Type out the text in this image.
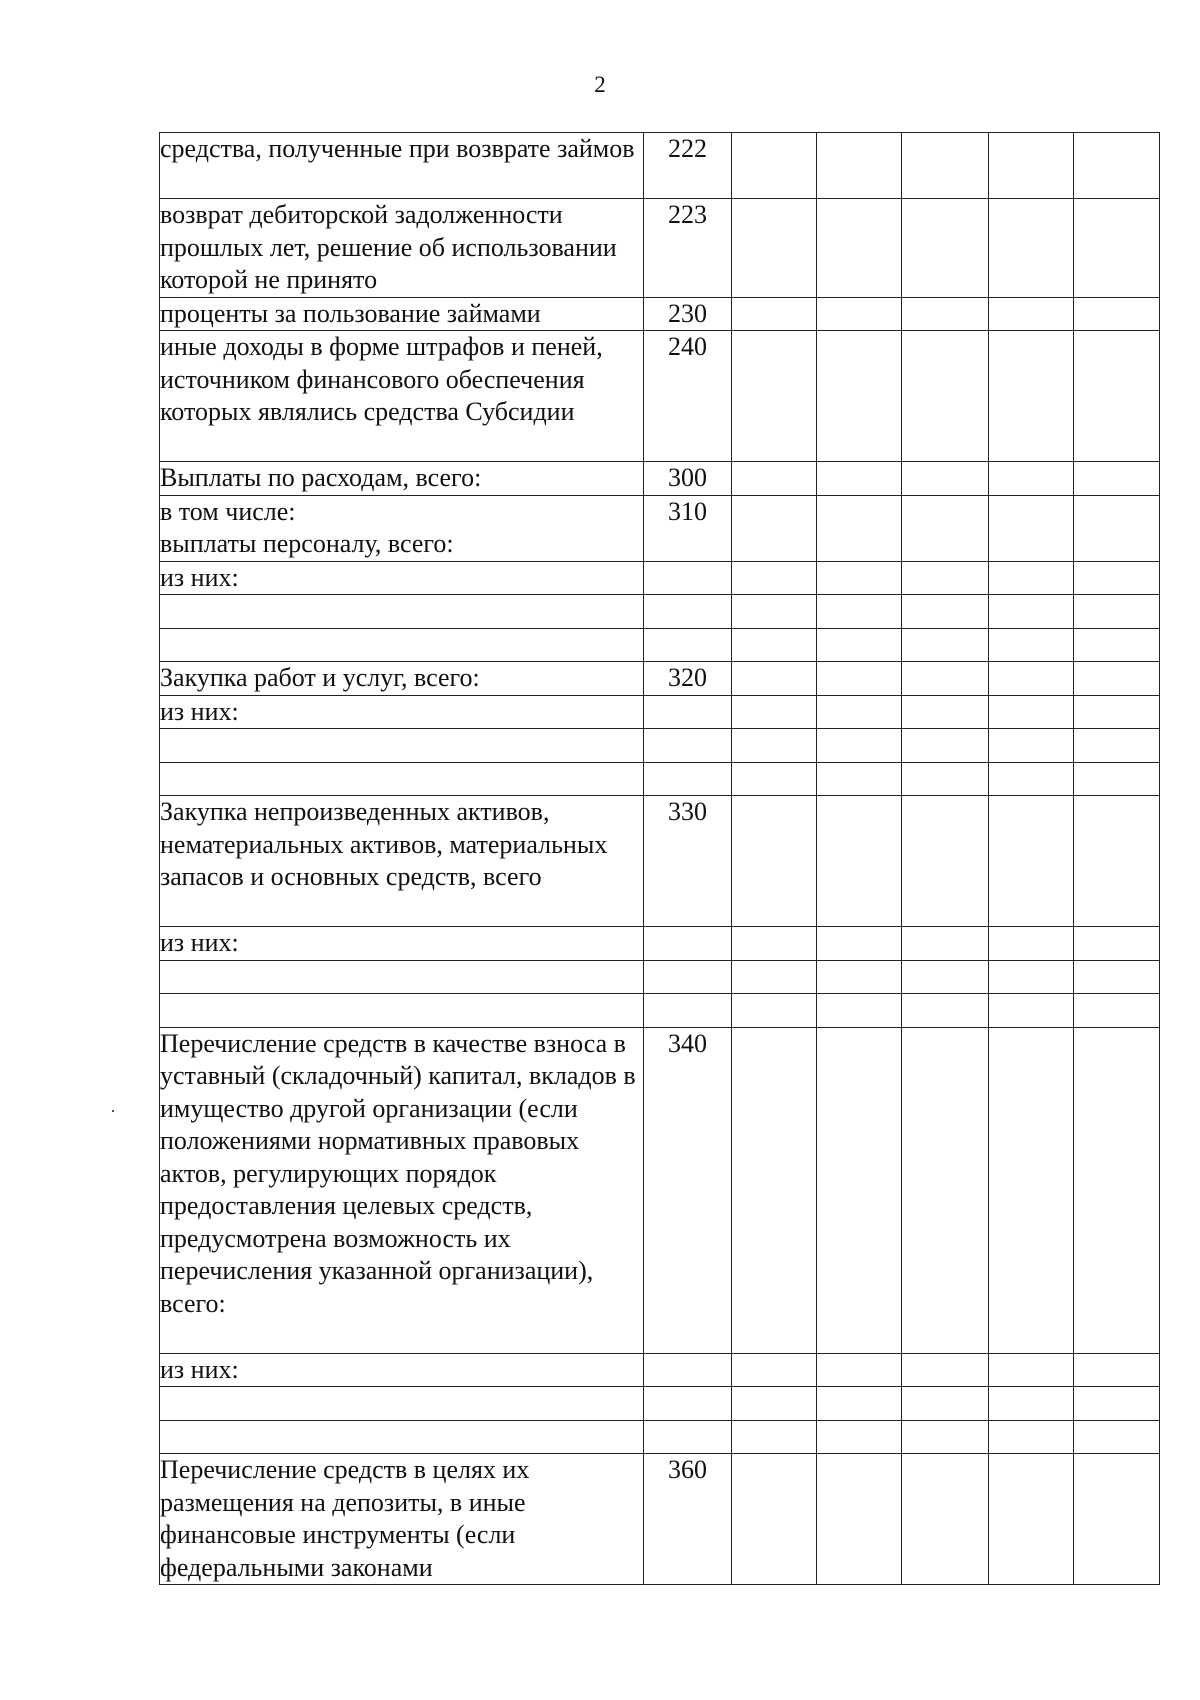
2
средства, полученные при возврате займов	222					
возврат дебиторской задолженности прошлых лет, решение об использовании которой не принято	223					
проценты за пользование займами	230					
иные доходы в форме штрафов и пеней, источником финансового обеспечения которых являлись средства Субсидии	240					
Выплаты по расходам, всего:	300					
в том числе:
выплаты персоналу, всего:	310					
из них:						

Закупка работ и услуг, всего:	320					
из них:						

Закупка непроизведенных активов, нематериальных активов, материальных запасов и основных средств, всего	330					
из них:						

Перечисление средств в качестве взноса в уставный (складочный) капитал, вкладов в имущество другой организации (если положениями нормативных правовых актов, регулирующих порядок предоставления целевых средств, предусмотрена возможность их перечисления указанной организации), всего:	340					
из них:						

Перечисление средств в целях их размещения на депозиты, в иные финансовые инструменты (если федеральными законами	360					
